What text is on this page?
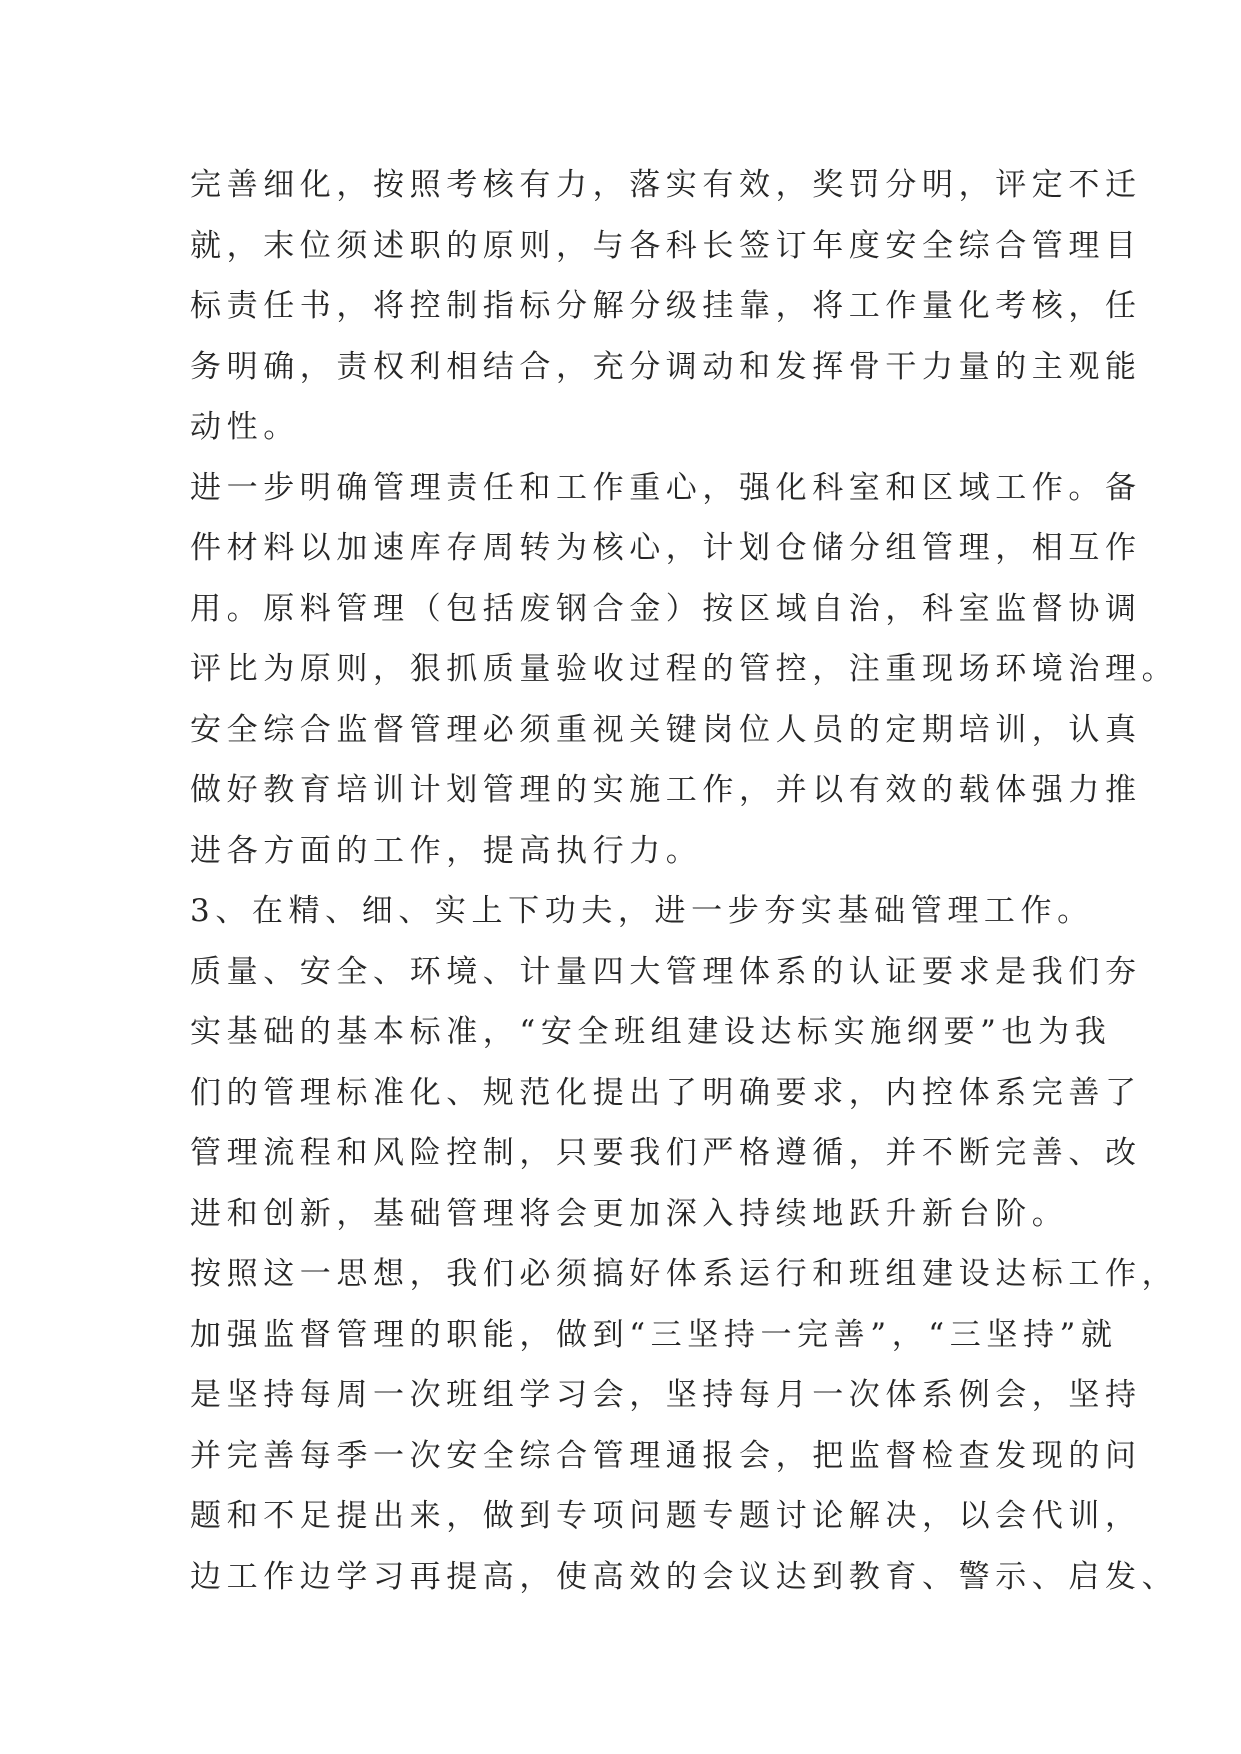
完善细化，按照考核有力，落实有效，奖罚分明，评定不迁
就，末位须述职的原则，与各科长签订年度安全综合管理目
标责任书，将控制指标分解分级挂靠，将工作量化考核，任
务明确，责权利相结合，充分调动和发挥骨干力量的主观能
动性。
进一步明确管理责任和工作重心，强化科室和区域工作。备
件材料以加速库存周转为核心，计划仓储分组管理，相互作
用。原料管理（包括废钢合金）按区域自治，科室监督协调
评比为原则，狠抓质量验收过程的管控，注重现场环境治理。
安全综合监督管理必须重视关键岗位人员的定期培训，认真
做好教育培训计划管理的实施工作，并以有效的载体强力推
进各方面的工作，提高执行力。
3、在精、细、实上下功夫，进一步夯实基础管理工作。
质量、安全、环境、计量四大管理体系的认证要求是我们夯
实基础的基本标准，“安全班组建设达标实施纲要”也为我
们的管理标准化、规范化提出了明确要求，内控体系完善了
管理流程和风险控制，只要我们严格遵循，并不断完善、改
进和创新，基础管理将会更加深入持续地跃升新台阶。
按照这一思想，我们必须搞好体系运行和班组建设达标工作，
加强监督管理的职能，做到“三坚持一完善”，“三坚持”就
是坚持每周一次班组学习会，坚持每月一次体系例会，坚持
并完善每季一次安全综合管理通报会，把监督检查发现的问
题和不足提出来，做到专项问题专题讨论解决，以会代训，
边工作边学习再提高，使高效的会议达到教育、警示、启发、
